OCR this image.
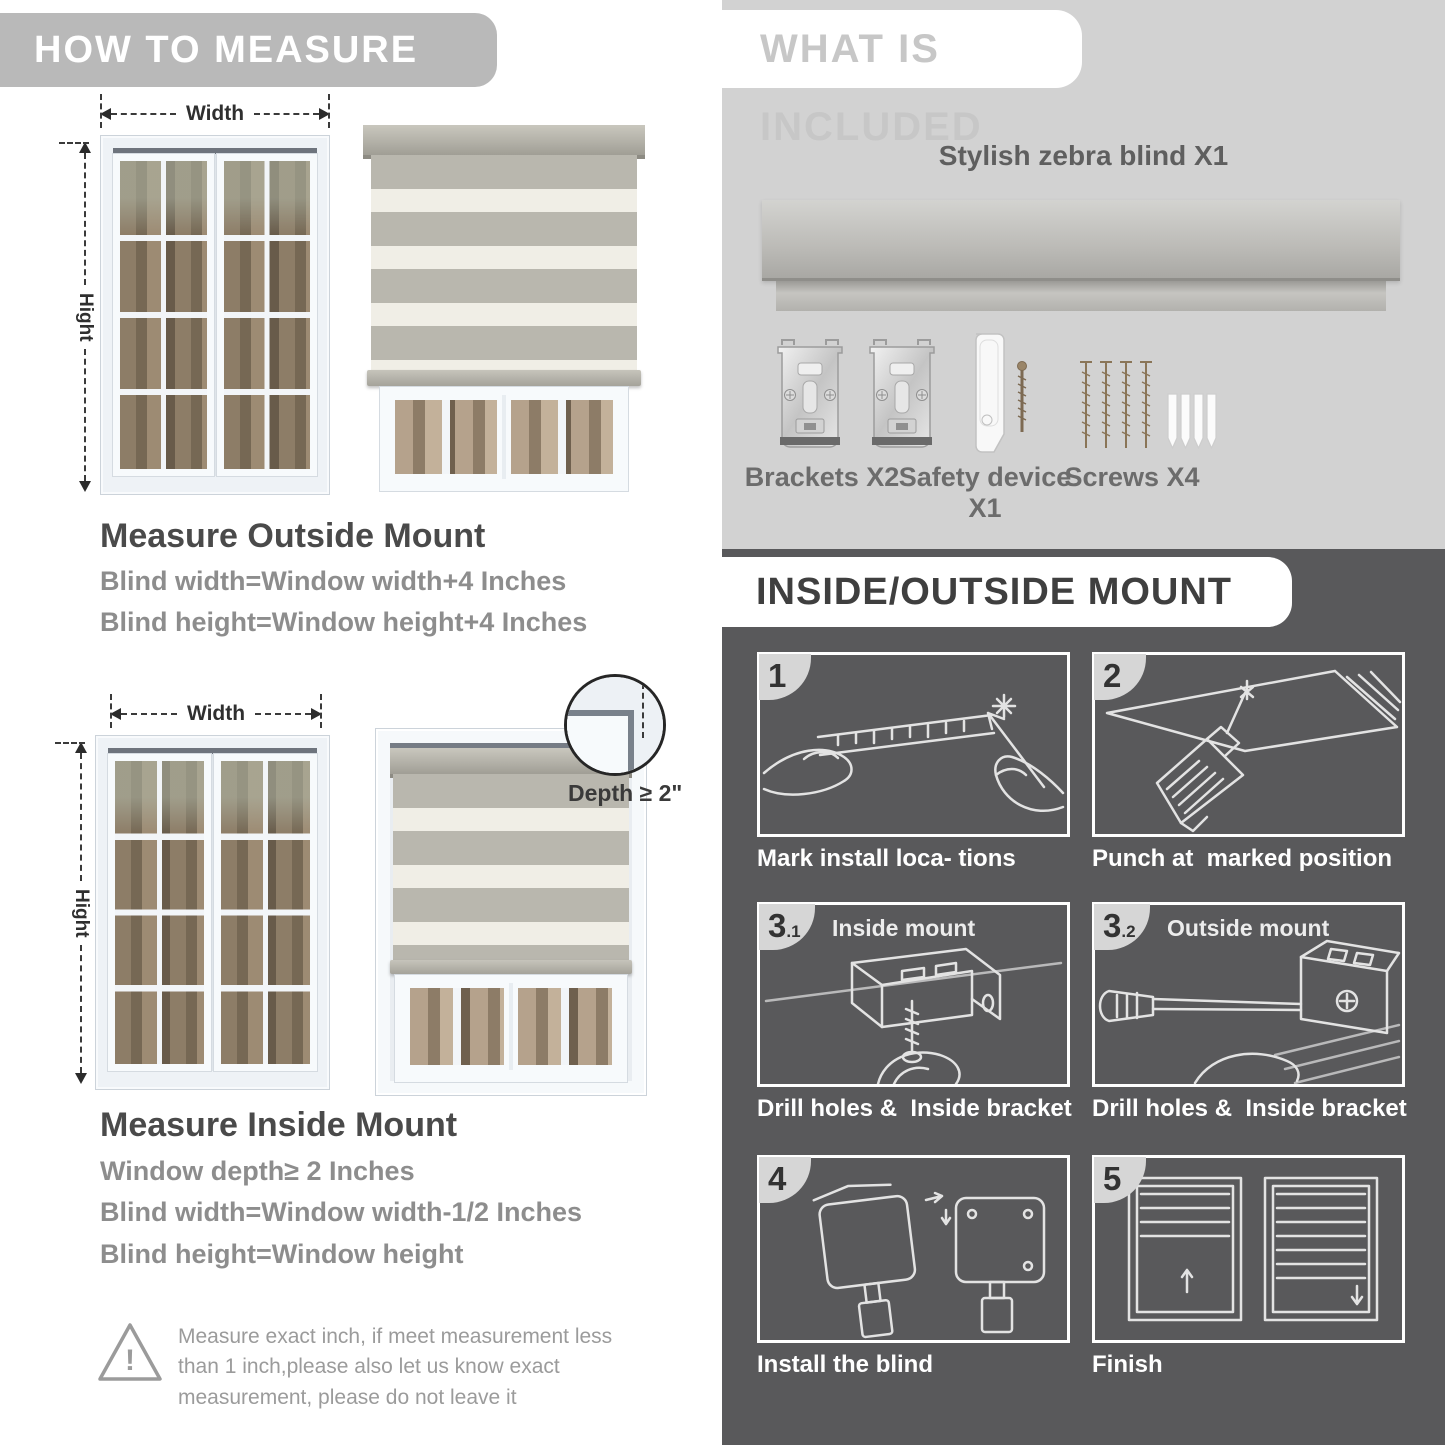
HOW TO MEASURE
Width
Hight
Measure Outside Mount
Blind width=Window width+4 Inches
Blind height=Window height+4 Inches
Width
Hight
Depth ≥ 2"
Measure Inside Mount
Window depth≥ 2 Inches
Blind width=Window width-1/2 Inches
Blind height=Window height
!
Measure exact inch, if meet measurement less than 1 inch,please also let us know exact measurement, please do not leave it
WHAT IS INCLUDED
Stylish zebra blind X1
Brackets X2 Safety device X1
Screws X4
INSIDE/OUTSIDE MOUNT
1
Mark install loca- tions
2
Punch at  marked position
3.1	Inside mount
Drill holes &  Inside bracket
3.2	Outside mount
Drill holes &  Inside bracket
4
Install the blind
5
Finish
